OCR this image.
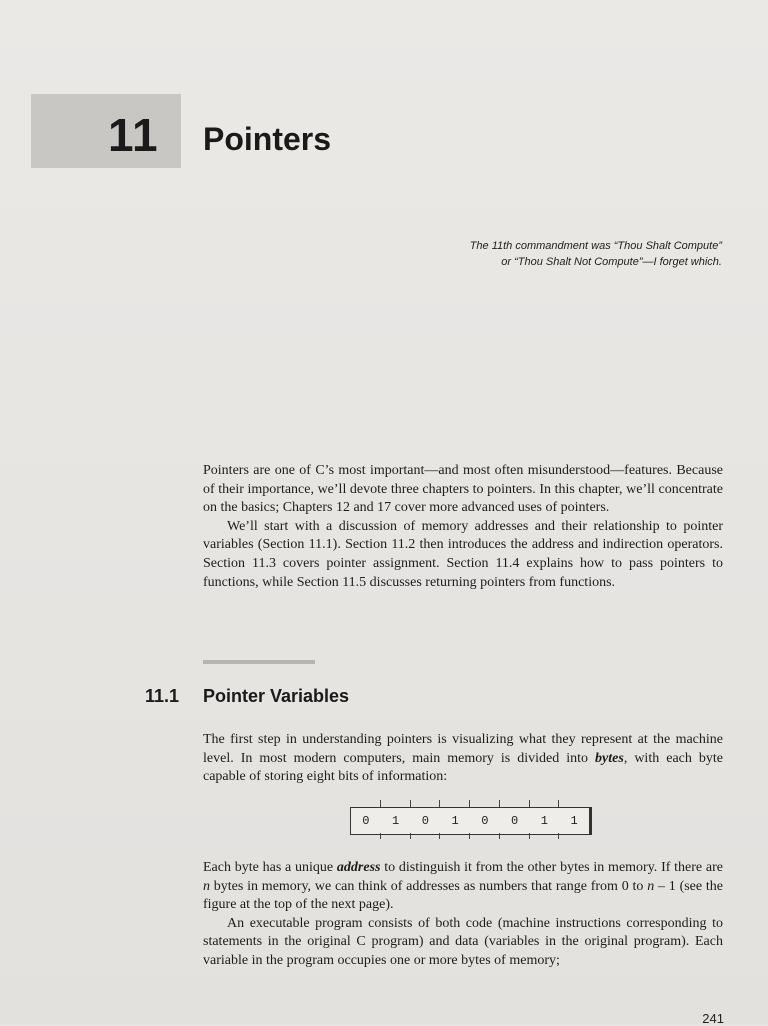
11 Pointers
The 11th commandment was “Thou Shalt Compute”
or “Thou Shalt Not Compute”—I forget which.

Pointers are one of C’s most important—and most often misunderstood—features. Because of their importance, we’ll devote three chapters to pointers. In this chapter, we’ll concentrate on the basics; Chapters 12 and 17 cover more advanced uses of pointers.

We’ll start with a discussion of memory addresses and their relationship to pointer variables (Section 11.1). Section 11.2 then introduces the address and indirection operators. Section 11.3 covers pointer assignment. Section 11.4 explains how to pass pointers to functions, while Section 11.5 discusses returning pointers from functions.

11.1 Pointer Variables

The first step in understanding pointers is visualizing what they represent at the machine level. In most modern computers, main memory is divided into bytes, with each byte capable of storing eight bits of information:

0	1	0	1	0	0	1	1

Each byte has a unique address to distinguish it from the other bytes in memory. If there are n bytes in memory, we can think of addresses as numbers that range from 0 to n – 1 (see the figure at the top of the next page).

An executable program consists of both code (machine instructions corresponding to statements in the original C program) and data (variables in the original program). Each variable in the program occupies one or more bytes of memory;

241
